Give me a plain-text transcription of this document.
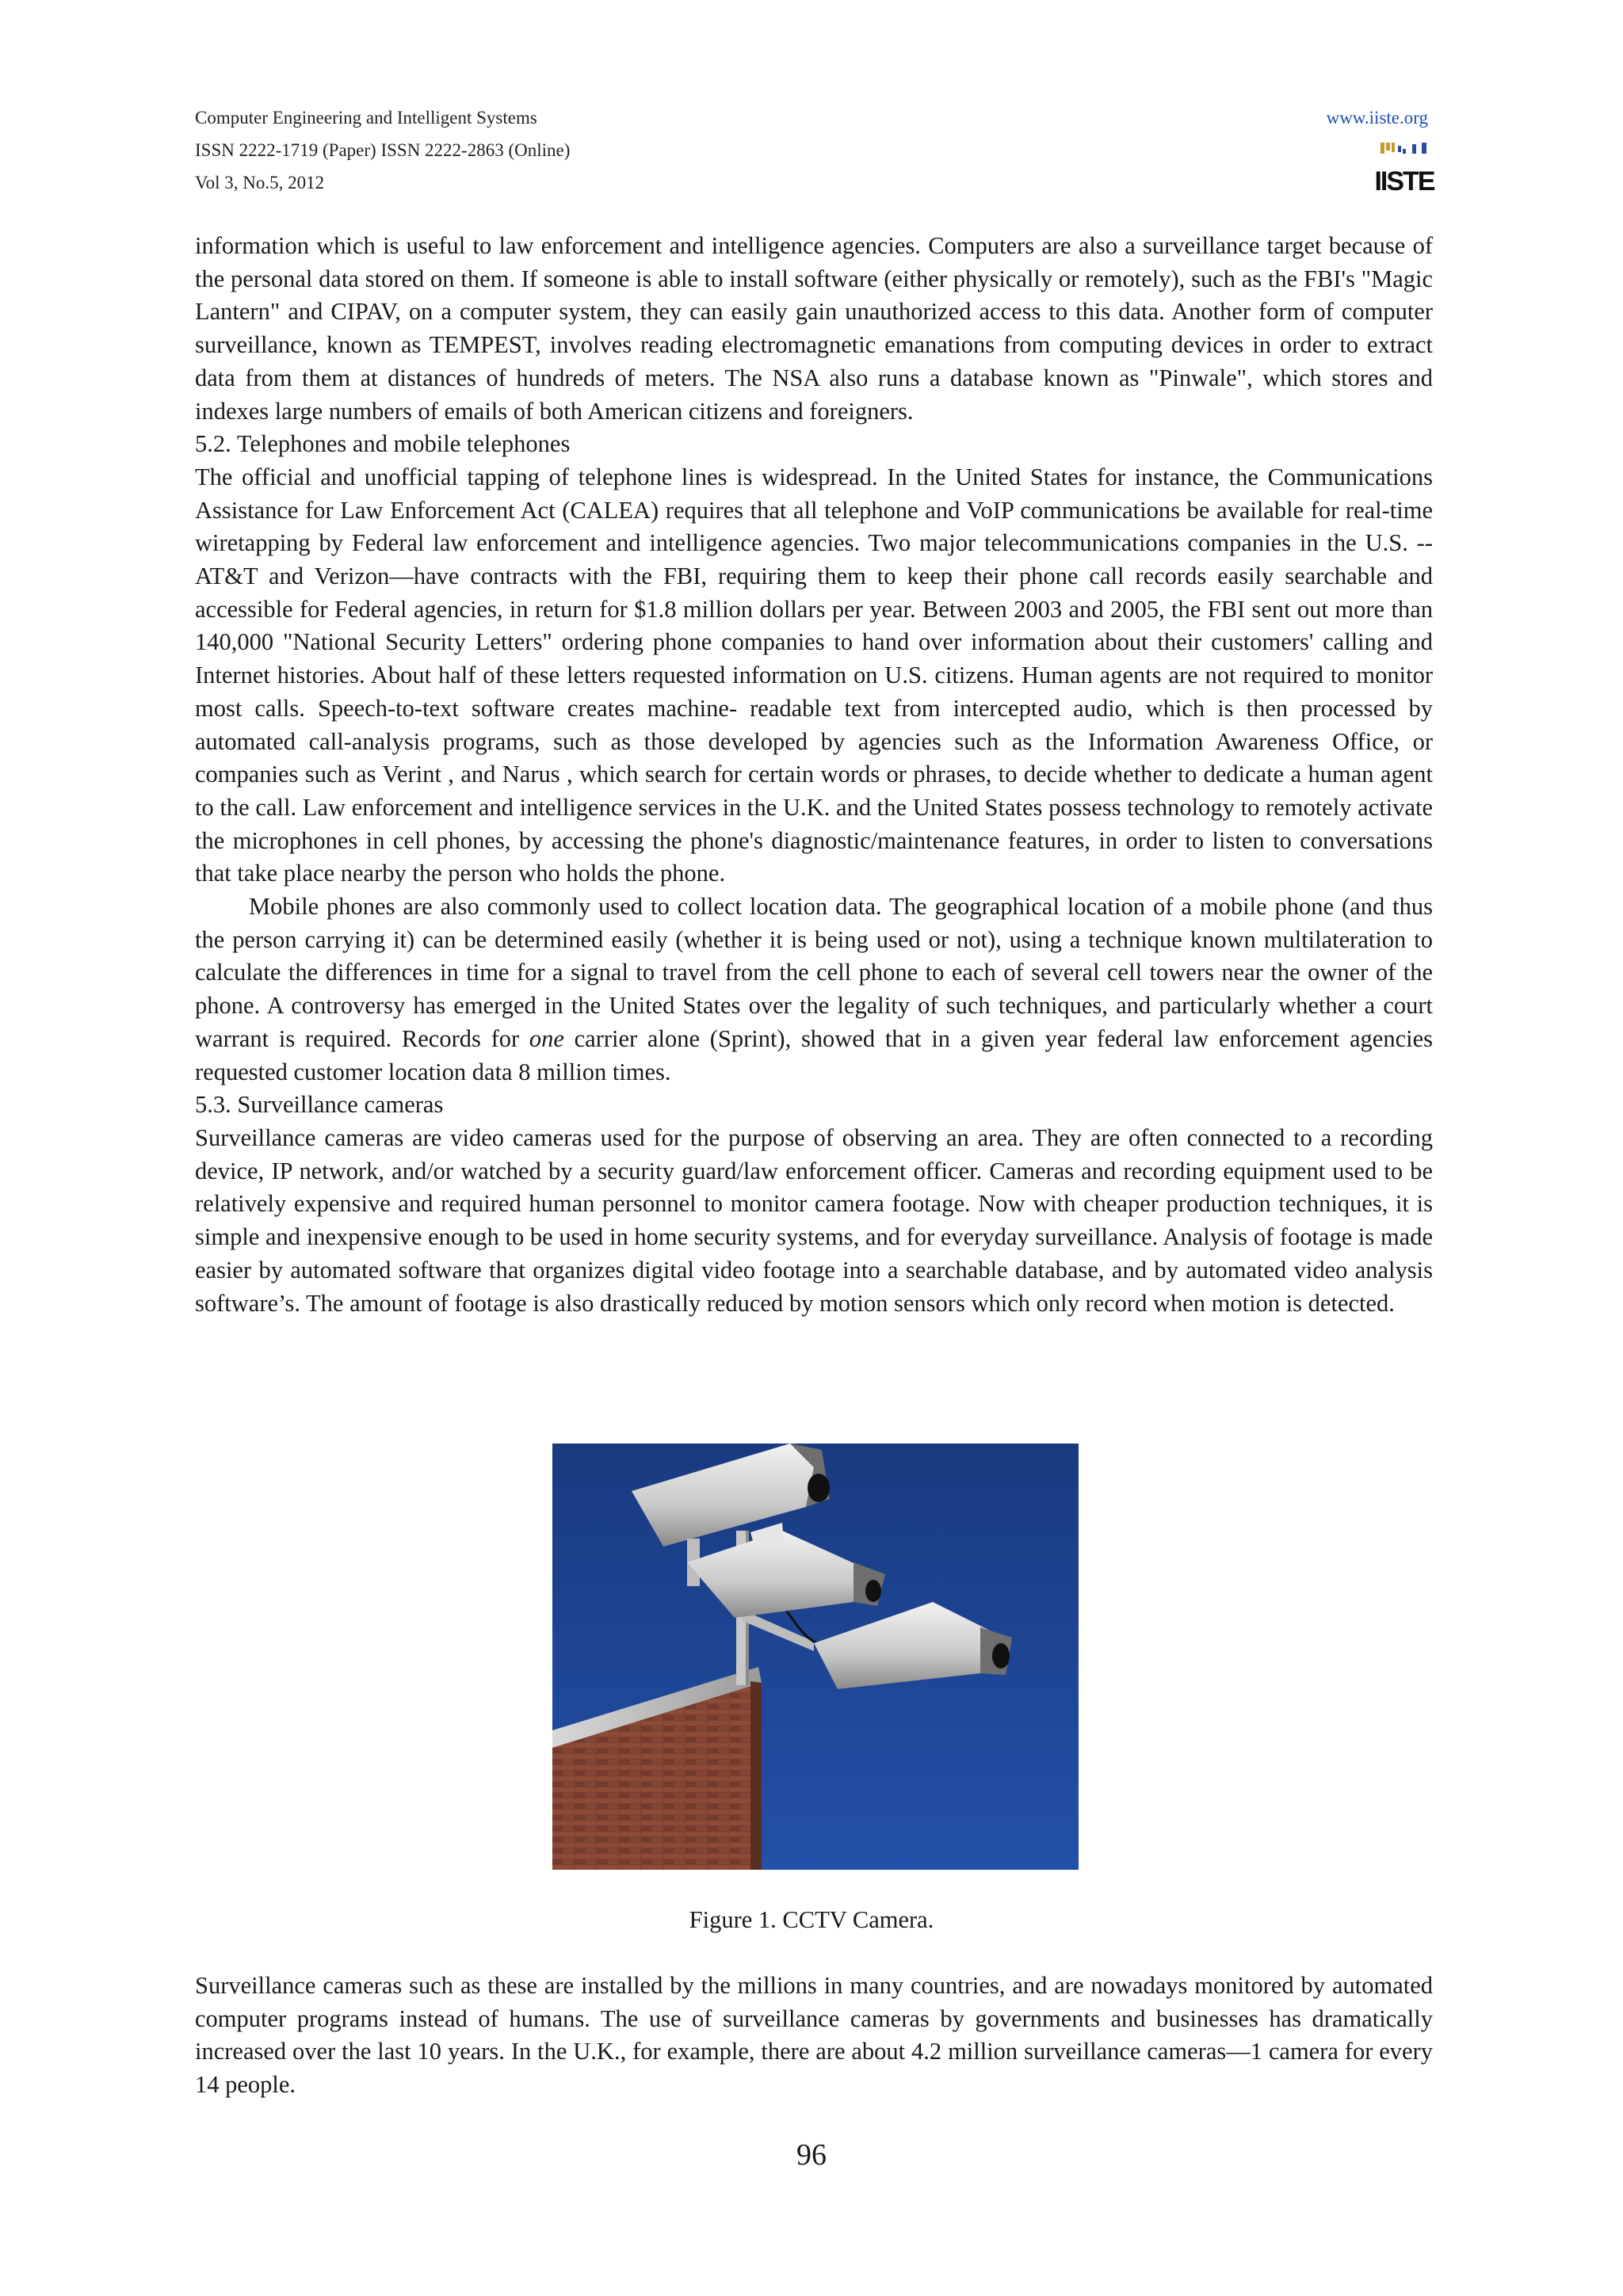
Computer Engineering and Intelligent Systems
ISSN 2222-1719 (Paper) ISSN 2222-2863 (Online)
Vol 3, No.5, 2012
www.iiste.org
IISTE

information which is useful to law enforcement and intelligence agencies. Computers are also a surveillance target because of the personal data stored on them. If someone is able to install software (either physically or remotely), such as the FBI's "Magic Lantern" and CIPAV, on a computer system, they can easily gain unauthorized access to this data. Another form of computer surveillance, known as TEMPEST, involves reading electromagnetic emanations from computing devices in order to extract data from them at distances of hundreds of meters. The NSA also runs a database known as "Pinwale", which stores and indexes large numbers of emails of both American citizens and foreigners.

5.2. Telephones and mobile telephones

The official and unofficial tapping of telephone lines is widespread. In the United States for instance, the Communications Assistance for Law Enforcement Act (CALEA) requires that all telephone and VoIP communications be available for real-time wiretapping by Federal law enforcement and intelligence agencies. Two major telecommunications companies in the U.S. -- AT&T and Verizon—have contracts with the FBI, requiring them to keep their phone call records easily searchable and accessible for Federal agencies, in return for $1.8 million dollars per year. Between 2003 and 2005, the FBI sent out more than 140,000 "National Security Letters" ordering phone companies to hand over information about their customers' calling and Internet histories. About half of these letters requested information on U.S. citizens. Human agents are not required to monitor most calls. Speech-to-text software creates machine- readable text from intercepted audio, which is then processed by automated call-analysis programs, such as those developed by agencies such as the Information Awareness Office, or companies such as Verint , and Narus , which search for certain words or phrases, to decide whether to dedicate a human agent to the call. Law enforcement and intelligence services in the U.K. and the United States possess technology to remotely activate the microphones in cell phones, by accessing the phone's diagnostic/maintenance features, in order to listen to conversations that take place nearby the person who holds the phone.

Mobile phones are also commonly used to collect location data. The geographical location of a mobile phone (and thus the person carrying it) can be determined easily (whether it is being used or not), using a technique known multilateration to calculate the differences in time for a signal to travel from the cell phone to each of several cell towers near the owner of the phone. A controversy has emerged in the United States over the legality of such techniques, and particularly whether a court warrant is required. Records for one carrier alone (Sprint), showed that in a given year federal law enforcement agencies requested customer location data 8 million times.

5.3. Surveillance cameras

Surveillance cameras are video cameras used for the purpose of observing an area. They are often connected to a recording device, IP network, and/or watched by a security guard/law enforcement officer. Cameras and recording equipment used to be relatively expensive and required human personnel to monitor camera footage. Now with cheaper production techniques, it is simple and inexpensive enough to be used in home security systems, and for everyday surveillance. Analysis of footage is made easier by automated software that organizes digital video footage into a searchable database, and by automated video analysis software’s. The amount of footage is also drastically reduced by motion sensors which only record when motion is detected.

Figure 1. CCTV Camera.

Surveillance cameras such as these are installed by the millions in many countries, and are nowadays monitored by automated computer programs instead of humans. The use of surveillance cameras by governments and businesses has dramatically increased over the last 10 years. In the U.K., for example, there are about 4.2 million surveillance cameras—1 camera for every 14 people.

96
